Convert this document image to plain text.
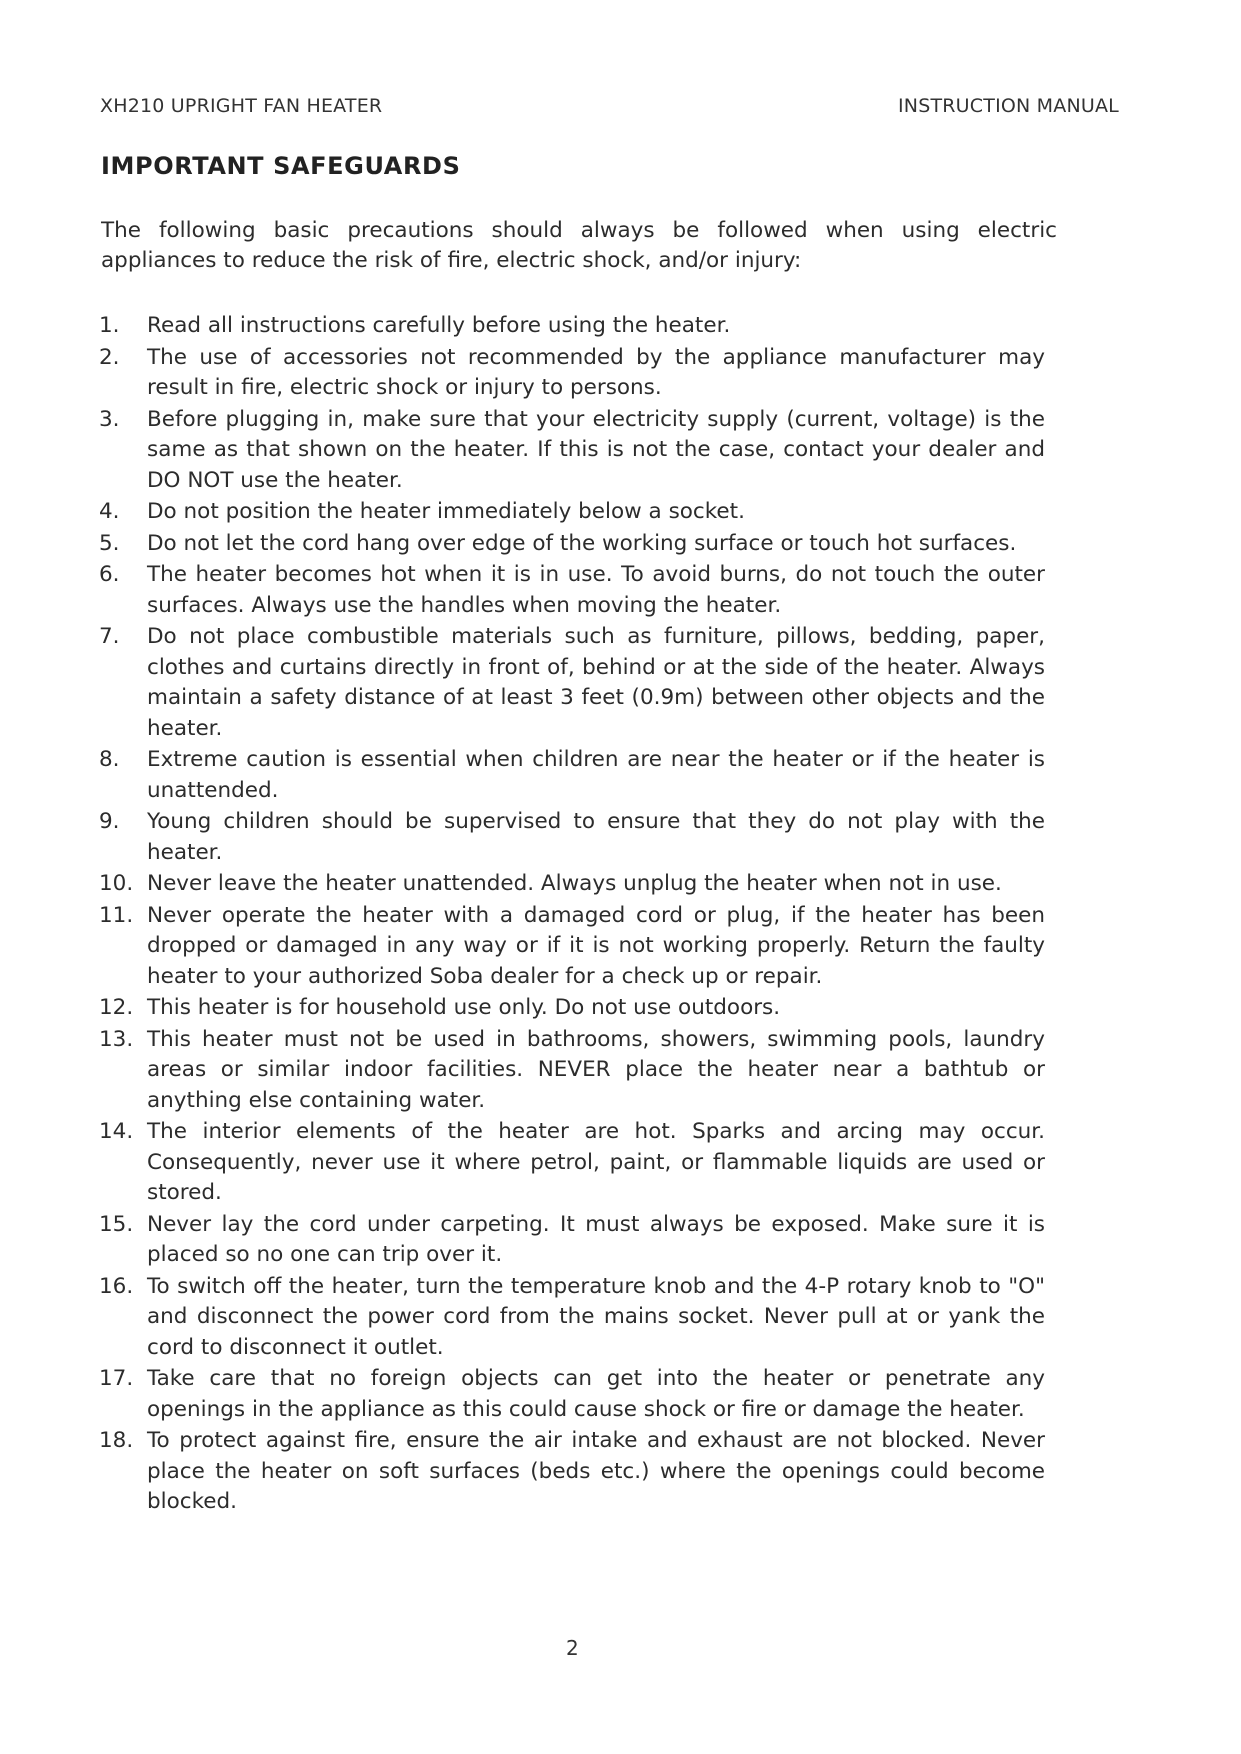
XH210 UPRIGHT FAN HEATER	INSTRUCTION MANUAL
IMPORTANT SAFEGUARDS
The following basic precautions should always be followed when using electric
appliances to reduce the risk of fire, electric shock, and/or injury:
1.	Read all instructions carefully before using the heater.
2.	The use of accessories not recommended by the appliance manufacturer may result in fire, electric shock or injury to persons.
3.	Before plugging in, make sure that your electricity supply (current, voltage) is the same as that shown on the heater. If this is not the case, contact your dealer and DO NOT use the heater.
4.	Do not position the heater immediately below a socket.
5.	Do not let the cord hang over edge of the working surface or touch hot surfaces.
6.	The heater becomes hot when it is in use. To avoid burns, do not touch the outer surfaces. Always use the handles when moving the heater.
7.	Do not place combustible materials such as furniture, pillows, bedding, paper, clothes and curtains directly in front of, behind or at the side of the heater. Always maintain a safety distance of at least 3 feet (0.9m) between other objects and the heater.
8.	Extreme caution is essential when children are near the heater or if the heater is unattended.
9.	Young children should be supervised to ensure that they do not play with the heater.
10. Never leave the heater unattended. Always unplug the heater when not in use.
11. Never operate the heater with a damaged cord or plug, if the heater has been dropped or damaged in any way or if it is not working properly. Return the faulty heater to your authorized Soba dealer for a check up or repair.
12. This heater is for household use only. Do not use outdoors.
13. This heater must not be used in bathrooms, showers, swimming pools, laundry areas or similar indoor facilities. NEVER place the heater near a bathtub or anything else containing water.
14. The interior elements of the heater are hot. Sparks and arcing may occur. Consequently, never use it where petrol, paint, or flammable liquids are used or stored.
15. Never lay the cord under carpeting. It must always be exposed. Make sure it is placed so no one can trip over it.
16. To switch off the heater, turn the temperature knob and the 4-P rotary knob to "O" and disconnect the power cord from the mains socket. Never pull at or yank the cord to disconnect it outlet.
17. Take care that no foreign objects can get into the heater or penetrate any openings in the appliance as this could cause shock or fire or damage the heater.
18. To protect against fire, ensure the air intake and exhaust are not blocked. Never place the heater on soft surfaces (beds etc.) where the openings could become blocked.
2
